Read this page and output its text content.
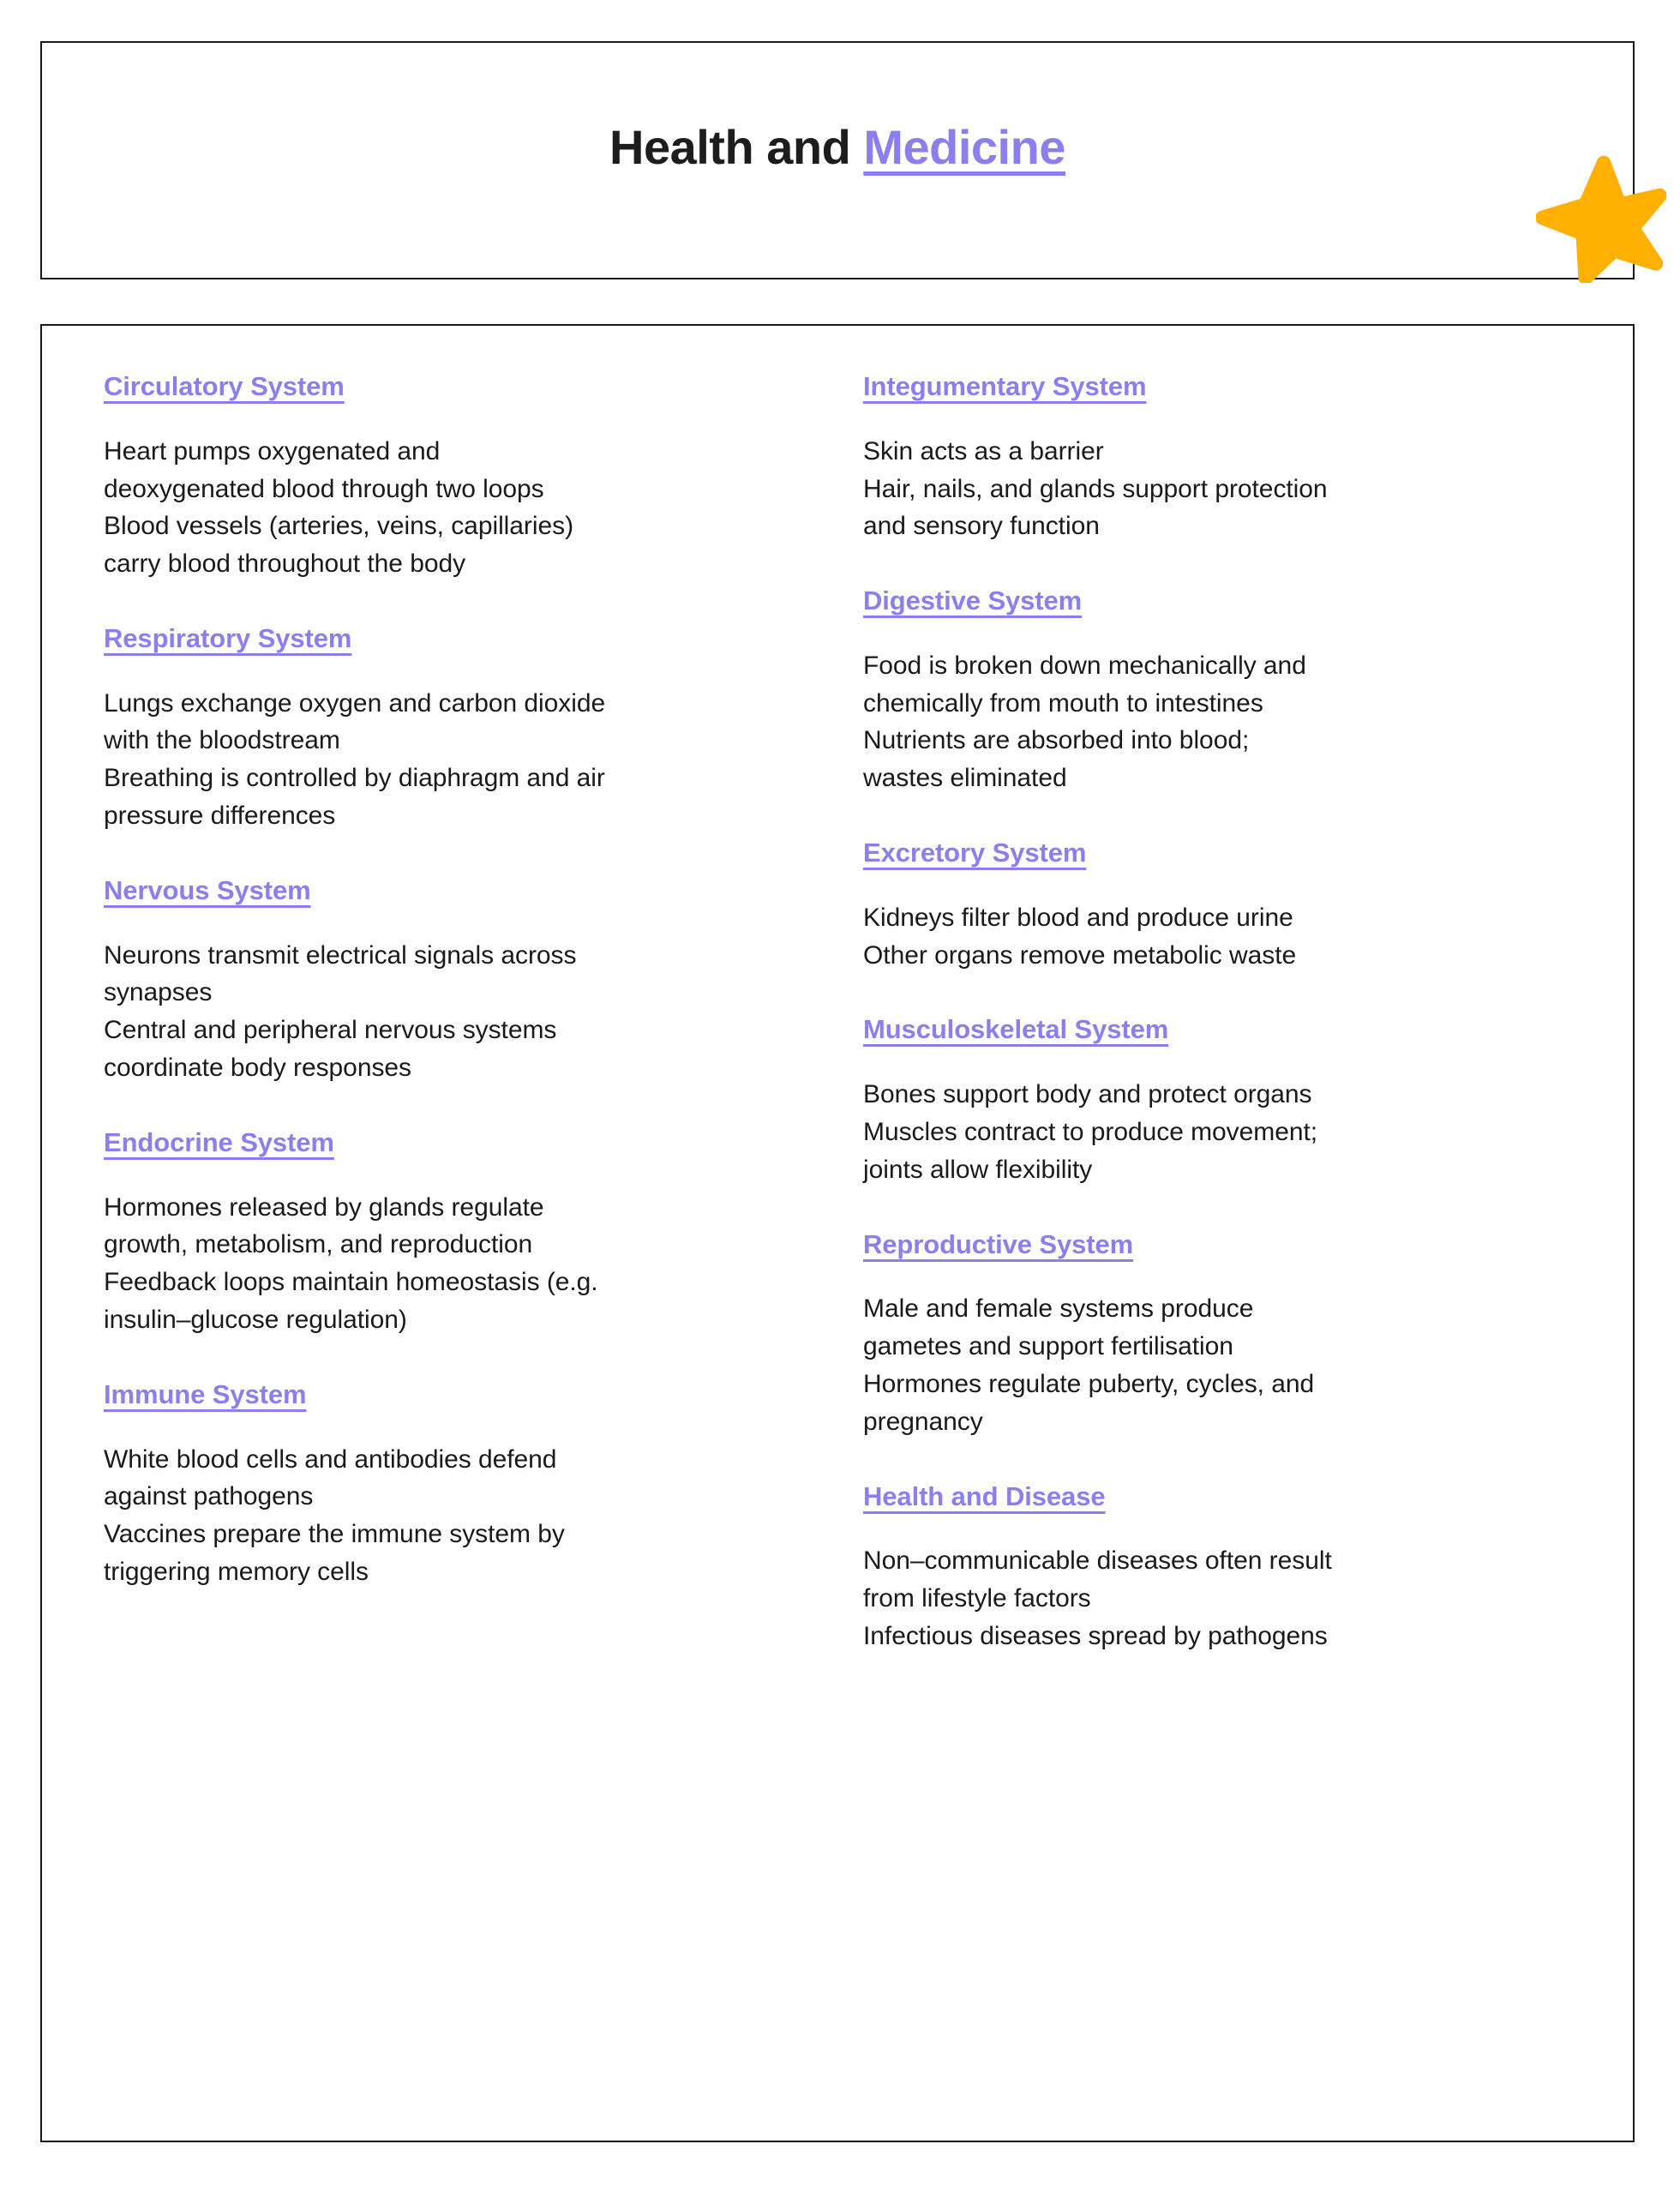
Health and Medicine
Circulatory System
Heart pumps oxygenated and
deoxygenated blood through two loops
Blood vessels (arteries, veins, capillaries)
carry blood throughout the body
Respiratory System
Lungs exchange oxygen and carbon dioxide
with the bloodstream
Breathing is controlled by diaphragm and air
pressure differences
Nervous System
Neurons transmit electrical signals across
synapses
Central and peripheral nervous systems
coordinate body responses
Endocrine System
Hormones released by glands regulate
growth, metabolism, and reproduction
Feedback loops maintain homeostasis (e.g.
insulin–glucose regulation)
Immune System
White blood cells and antibodies defend
against pathogens
Vaccines prepare the immune system by
triggering memory cells
Integumentary System
Skin acts as a barrier
Hair, nails, and glands support protection
and sensory function
Digestive System
Food is broken down mechanically and
chemically from mouth to intestines
Nutrients are absorbed into blood;
wastes eliminated
Excretory System
Kidneys filter blood and produce urine
Other organs remove metabolic waste
Musculoskeletal System
Bones support body and protect organs
Muscles contract to produce movement;
joints allow flexibility
Reproductive System
Male and female systems produce
gametes and support fertilisation
Hormones regulate puberty, cycles, and
pregnancy
Health and Disease
Non–communicable diseases often result
from lifestyle factors
Infectious diseases spread by pathogens
